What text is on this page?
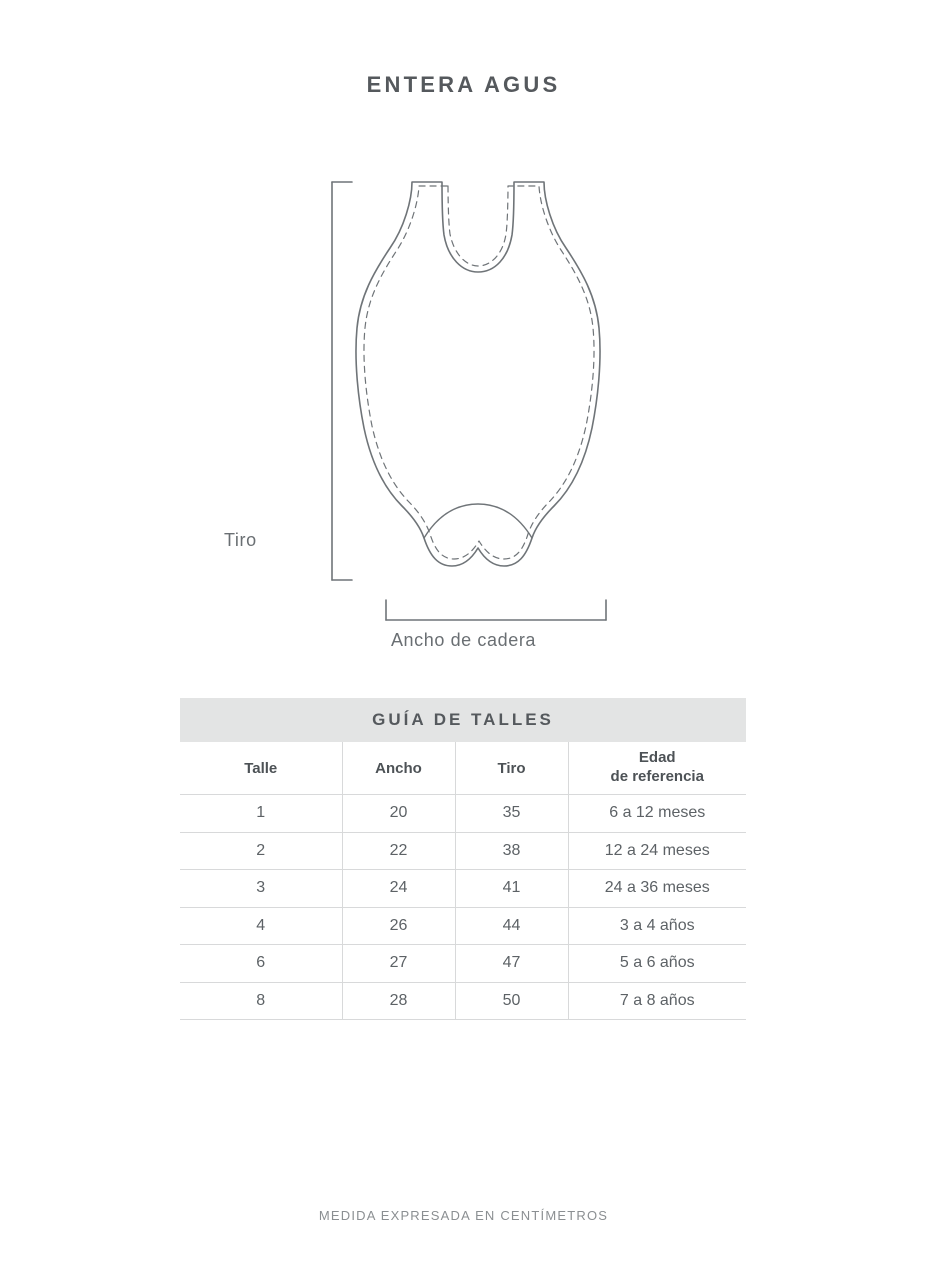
ENTERA AGUS
Tiro
Ancho de cadera
GUÍA DE TALLES
Talle	Ancho	Tiro	Edad
de referencia

1	20	35	6 a 12 meses
2	22	38	12 a 24 meses
3	24	41	24 a 36 meses
4	26	44	3 a 4 años
6	27	47	5 a 6 años
8	28	50	7 a 8 años
MEDIDA EXPRESADA EN CENTÍMETROS
